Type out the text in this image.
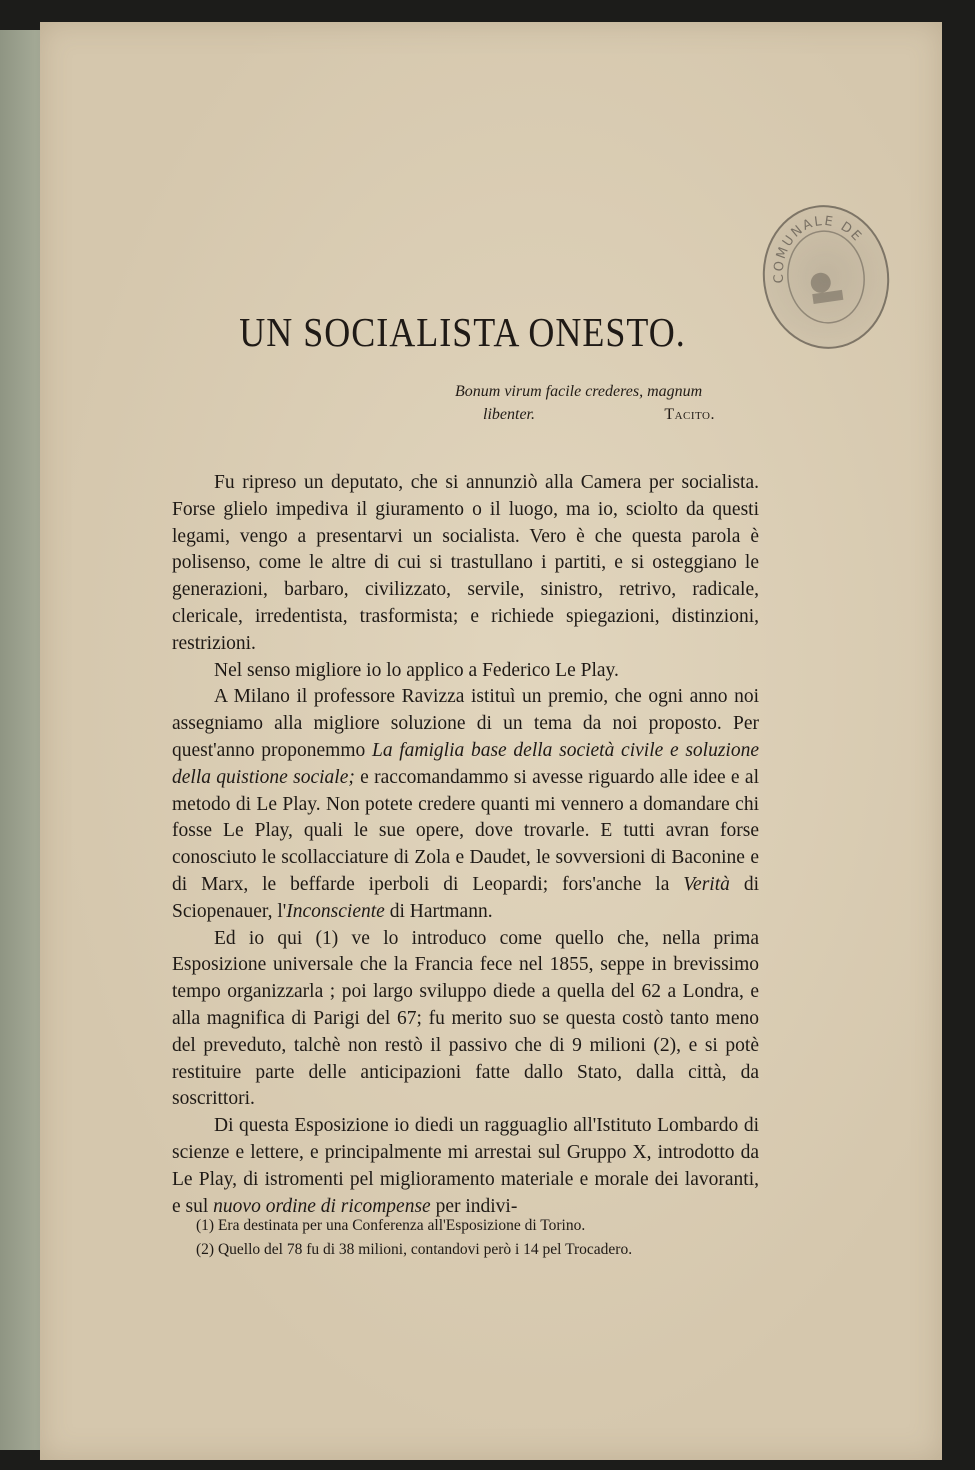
COMUNALE DE
UN SOCIALISTA ONESTO.
Bonum virum facile crederes, magnum
libenter.	Tacito.

Fu ripreso un deputato, che si annunziò alla Camera per socialista. Forse glielo impediva il giuramento o il luogo, ma io, sciolto da questi legami, vengo a presentarvi un socialista. Vero è che questa parola è polisenso, come le altre di cui si trastullano i partiti, e si osteggiano le generazioni, barbaro, civilizzato, servile, sinistro, retrivo, radicale, clericale, irredentista, trasformista; e richiede spiegazioni, distinzioni, restrizioni.

Nel senso migliore io lo applico a Federico Le Play.

A Milano il professore Ravizza istituì un premio, che ogni anno noi assegniamo alla migliore soluzione di un tema da noi proposto. Per quest'anno proponemmo La famiglia base della società civile e soluzione della quistione sociale; e raccomandammo si avesse riguardo alle idee e al metodo di Le Play. Non potete credere quanti mi vennero a domandare chi fosse Le Play, quali le sue opere, dove trovarle. E tutti avran forse conosciuto le scollacciature di Zola e Daudet, le sovversioni di Baconine e di Marx, le beffarde iperboli di Leopardi; fors'anche la Verità di Sciopenauer, l'Inconsciente di Hartmann.

Ed io qui (1) ve lo introduco come quello che, nella prima Esposizione universale che la Francia fece nel 1855, seppe in brevissimo tempo organizzarla ; poi largo sviluppo diede a quella del 62 a Londra, e alla magnifica di Parigi del 67; fu merito suo se questa costò tanto meno del preveduto, talchè non restò il passivo che di 9 milioni (2), e si potè restituire parte delle anticipazioni fatte dallo Stato, dalla città, da soscrittori.

Di questa Esposizione io diedi un ragguaglio all'Istituto Lombardo di scienze e lettere, e principalmente mi arrestai sul Gruppo X, introdotto da Le Play, di istromenti pel miglioramento materiale e morale dei lavoranti, e sul nuovo ordine di ricompense per indivi-

(1) Era destinata per una Conferenza all'Esposizione di Torino.

(2) Quello del 78 fu di 38 milioni, contandovi però i 14 pel Trocadero.
